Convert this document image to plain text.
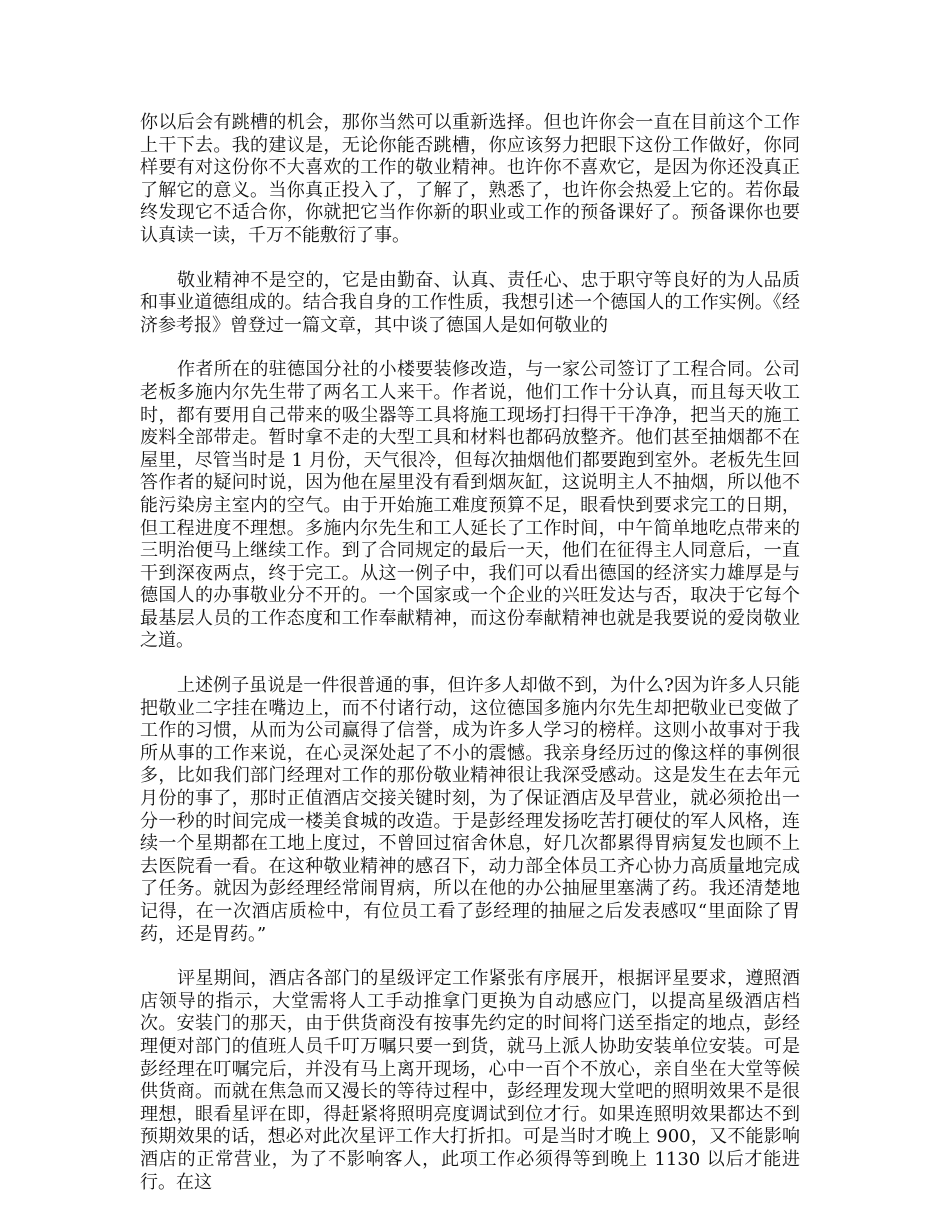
你以后会有跳槽的机会，那你当然可以重新选择。但也许你会一直在目前这个工作上干下去。我的建议是，无论你能否跳槽，你应该努力把眼下这份工作做好，你同样要有对这份你不大喜欢的工作的敬业精神。也许你不喜欢它，是因为你还没真正了解它的意义。当你真正投入了，了解了，熟悉了，也许你会热爱上它的。若你最终发现它不适合你，你就把它当作你新的职业或工作的预备课好了。预备课你也要认真读一读，千万不能敷衍了事。

敬业精神不是空的，它是由勤奋、认真、责任心、忠于职守等良好的为人品质和事业道德组成的。结合我自身的工作性质，我想引述一个德国人的工作实例。《经济参考报》曾登过一篇文章，其中谈了德国人是如何敬业的

作者所在的驻德国分社的小楼要装修改造，与一家公司签订了工程合同。公司老板多施内尔先生带了两名工人来干。作者说，他们工作十分认真，而且每天收工时，都有要用自己带来的吸尘器等工具将施工现场打扫得干干净净，把当天的施工废料全部带走。暂时拿不走的大型工具和材料也都码放整齐。他们甚至抽烟都不在屋里，尽管当时是 1 月份，天气很冷，但每次抽烟他们都要跑到室外。老板先生回答作者的疑问时说，因为他在屋里没有看到烟灰缸，这说明主人不抽烟，所以他不能污染房主室内的空气。由于开始施工难度预算不足，眼看快到要求完工的日期，但工程进度不理想。多施内尔先生和工人延长了工作时间，中午简单地吃点带来的三明治便马上继续工作。到了合同规定的最后一天，他们在征得主人同意后，一直干到深夜两点，终于完工。从这一例子中，我们可以看出德国的经济实力雄厚是与德国人的办事敬业分不开的。一个国家或一个企业的兴旺发达与否，取决于它每个最基层人员的工作态度和工作奉献精神，而这份奉献精神也就是我要说的爱岗敬业之道。

上述例子虽说是一件很普通的事，但许多人却做不到，为什么?因为许多人只能把敬业二字挂在嘴边上，而不付诸行动，这位德国多施内尔先生却把敬业已变做了工作的习惯，从而为公司赢得了信誉，成为许多人学习的榜样。这则小故事对于我所从事的工作来说，在心灵深处起了不小的震憾。我亲身经历过的像这样的事例很多，比如我们部门经理对工作的那份敬业精神很让我深受感动。这是发生在去年元月份的事了，那时正值酒店交接关键时刻，为了保证酒店及早营业，就必须抢出一分一秒的时间完成一楼美食城的改造。于是彭经理发扬吃苦打硬仗的军人风格，连续一个星期都在工地上度过，不曾回过宿舍休息，好几次都累得胃病复发也顾不上去医院看一看。在这种敬业精神的感召下，动力部全体员工齐心协力高质量地完成了任务。就因为彭经理经常闹胃病，所以在他的办公抽屉里塞满了药。我还清楚地记得，在一次酒店质检中，有位员工看了彭经理的抽屉之后发表感叹“里面除了胃药，还是胃药。”

评星期间，酒店各部门的星级评定工作紧张有序展开，根据评星要求，遵照酒店领导的指示，大堂需将人工手动推拿门更换为自动感应门，以提高星级酒店档次。安装门的那天，由于供货商没有按事先约定的时间将门送至指定的地点，彭经理便对部门的值班人员千叮万嘱只要一到货，就马上派人协助安装单位安装。可是彭经理在叮嘱完后，并没有马上离开现场，心中一百个不放心，亲自坐在大堂等候供货商。而就在焦急而又漫长的等待过程中，彭经理发现大堂吧的照明效果不是很理想，眼看星评在即，得赶紧将照明亮度调试到位才行。如果连照明效果都达不到预期效果的话，想必对此次星评工作大打折扣。可是当时才晚上 900，又不能影响酒店的正常营业，为了不影响客人，此项工作必须得等到晚上 1130 以后才能进行。在这
